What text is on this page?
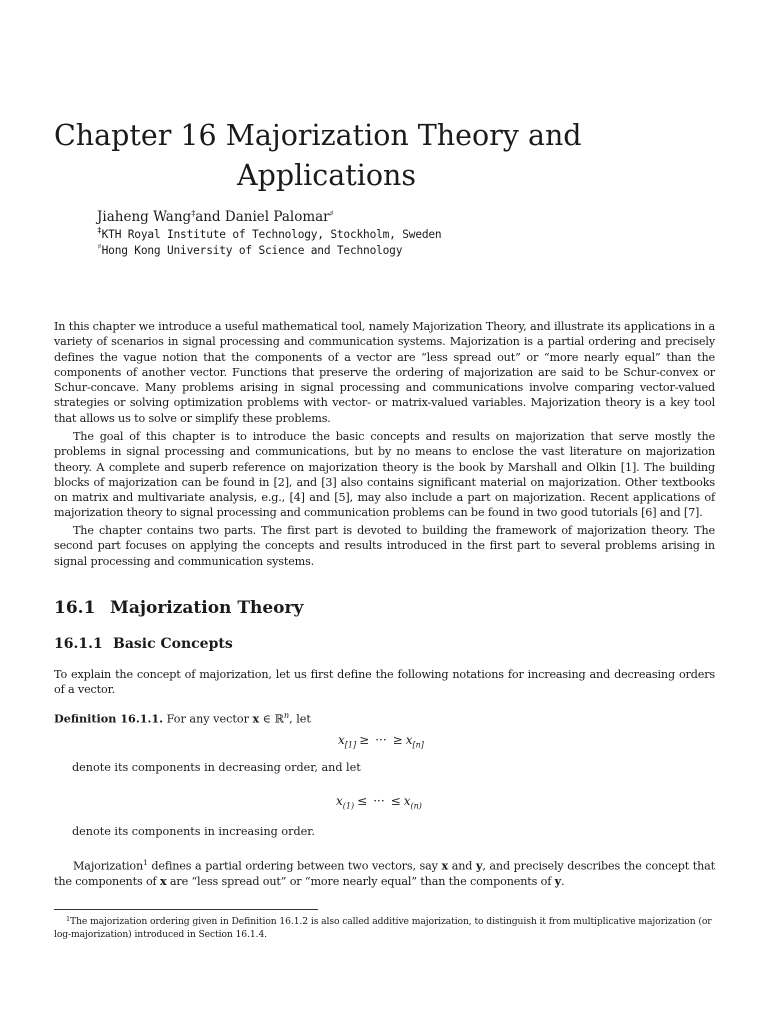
Chapter 16 Majorization Theory and
Applications
Jiaheng Wang‡and Daniel Palomar♯
‡KTH Royal Institute of Technology, Stockholm, Sweden
♯Hong Kong University of Science and Technology

In this chapter we introduce a useful mathematical tool, namely Majorization Theory, and illustrate its applications in a variety of scenarios in signal processing and communication systems. Majorization is a partial ordering and precisely defines the vague notion that the components of a vector are “less spread out” or “more nearly equal” than the components of another vector. Functions that preserve the ordering of majorization are said to be Schur-convex or Schur-concave. Many problems arising in signal processing and communications involve comparing vector-valued strategies or solving optimization problems with vector- or matrix-valued variables. Majorization theory is a key tool that allows us to solve or simplify these problems.

The goal of this chapter is to introduce the basic concepts and results on majorization that serve mostly the problems in signal processing and communications, but by no means to enclose the vast literature on majorization theory. A complete and superb reference on majorization theory is the book by Marshall and Olkin [1]. The building blocks of majorization can be found in [2], and [3] also contains significant material on majorization. Other textbooks on matrix and multivariate analysis, e.g., [4] and [5], may also include a part on majorization. Recent applications of majorization theory to signal processing and communication problems can be found in two good tutorials [6] and [7].

The chapter contains two parts. The first part is devoted to building the framework of majorization theory. The second part focuses on applying the concepts and results introduced in the first part to several problems arising in signal processing and communication systems.

16.1 Majorization Theory
16.1.1 Basic Concepts

To explain the concept of majorization, let us first define the following notations for increasing and decreasing orders of a vector.

Definition 16.1.1. For any vector x ∈ ℝ$^n$, let
$x_{[1]}$ ≥ ··· ≥ $x_{[n]}$
denote its components in decreasing order, and let
$x_{(1)}$ ≤ ··· ≤ $x_{(n)}$
denote its components in increasing order.

Majorization$^1$ defines a partial ordering between two vectors, say x and y, and precisely describes the concept that the components of x are “less spread out” or “more nearly equal” than the components of y.

$^1$The majorization ordering given in Definition 16.1.2 is also called additive majorization, to distinguish it from multiplicative majorization (or log-majorization) introduced in Section 16.1.4.
